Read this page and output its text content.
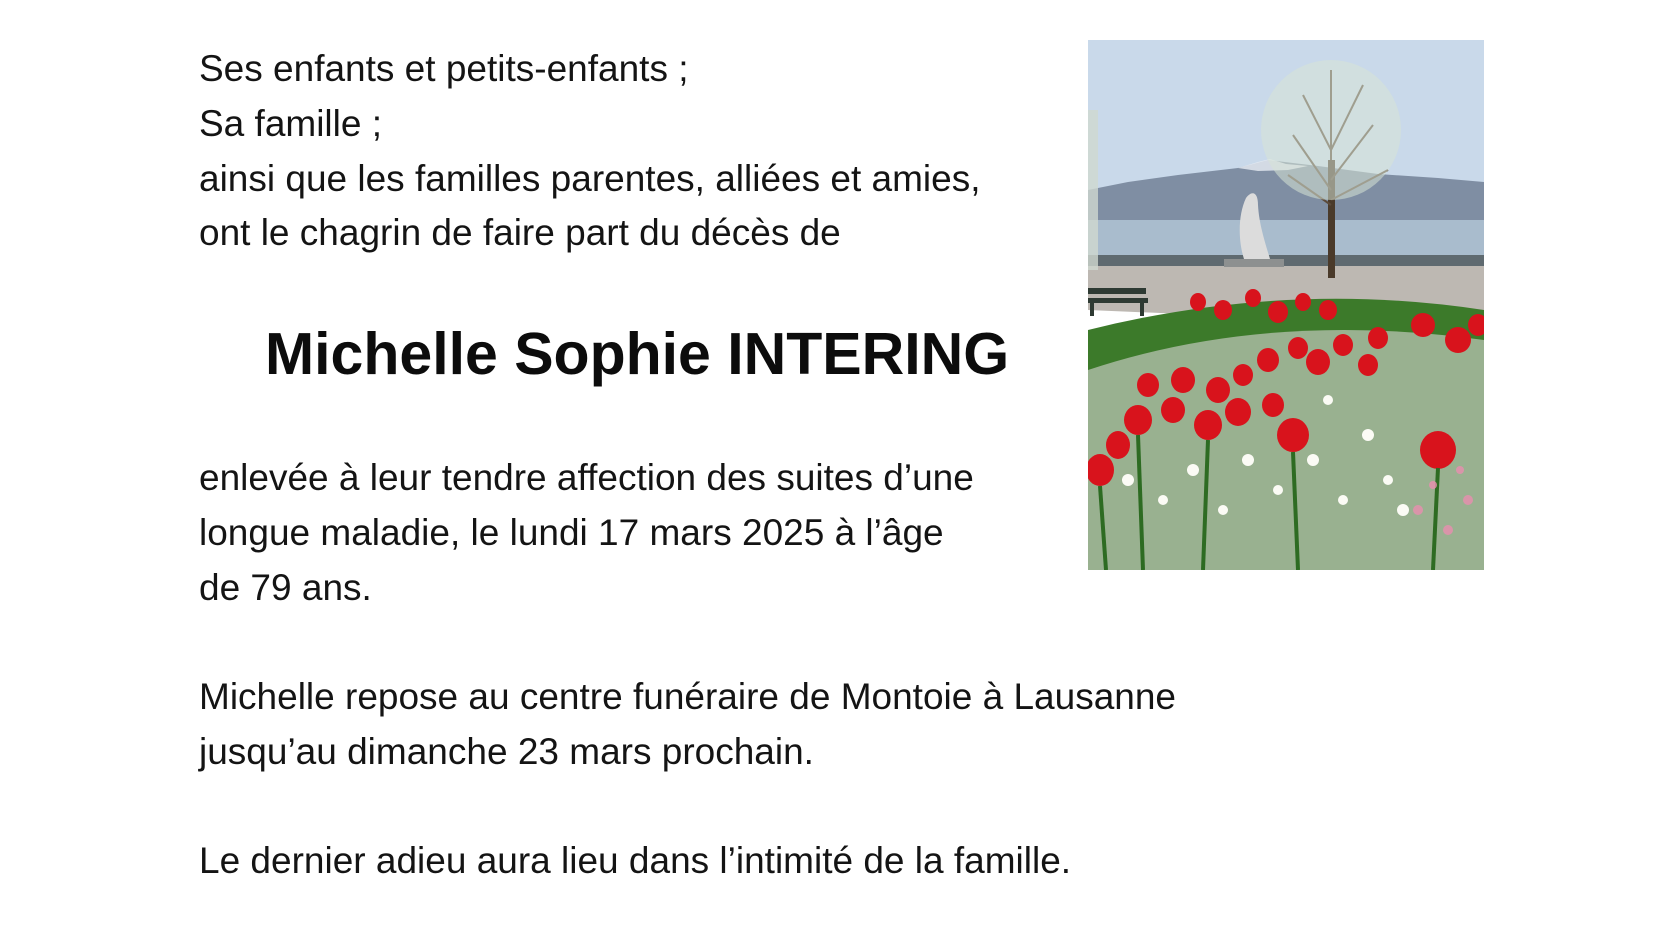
Ses enfants et petits-enfants ;
Sa famille ;
ainsi que les familles parentes, alliées et amies,
ont le chagrin de faire part du décès de
Michelle Sophie INTERING
enlevée à leur tendre affection des suites d’une
longue maladie, le lundi 17 mars 2025 à l’âge
de 79 ans.
Michelle repose au centre funéraire de Montoie à Lausanne
jusqu’au dimanche 23 mars prochain.
Le dernier adieu aura lieu dans l’intimité de la famille.
